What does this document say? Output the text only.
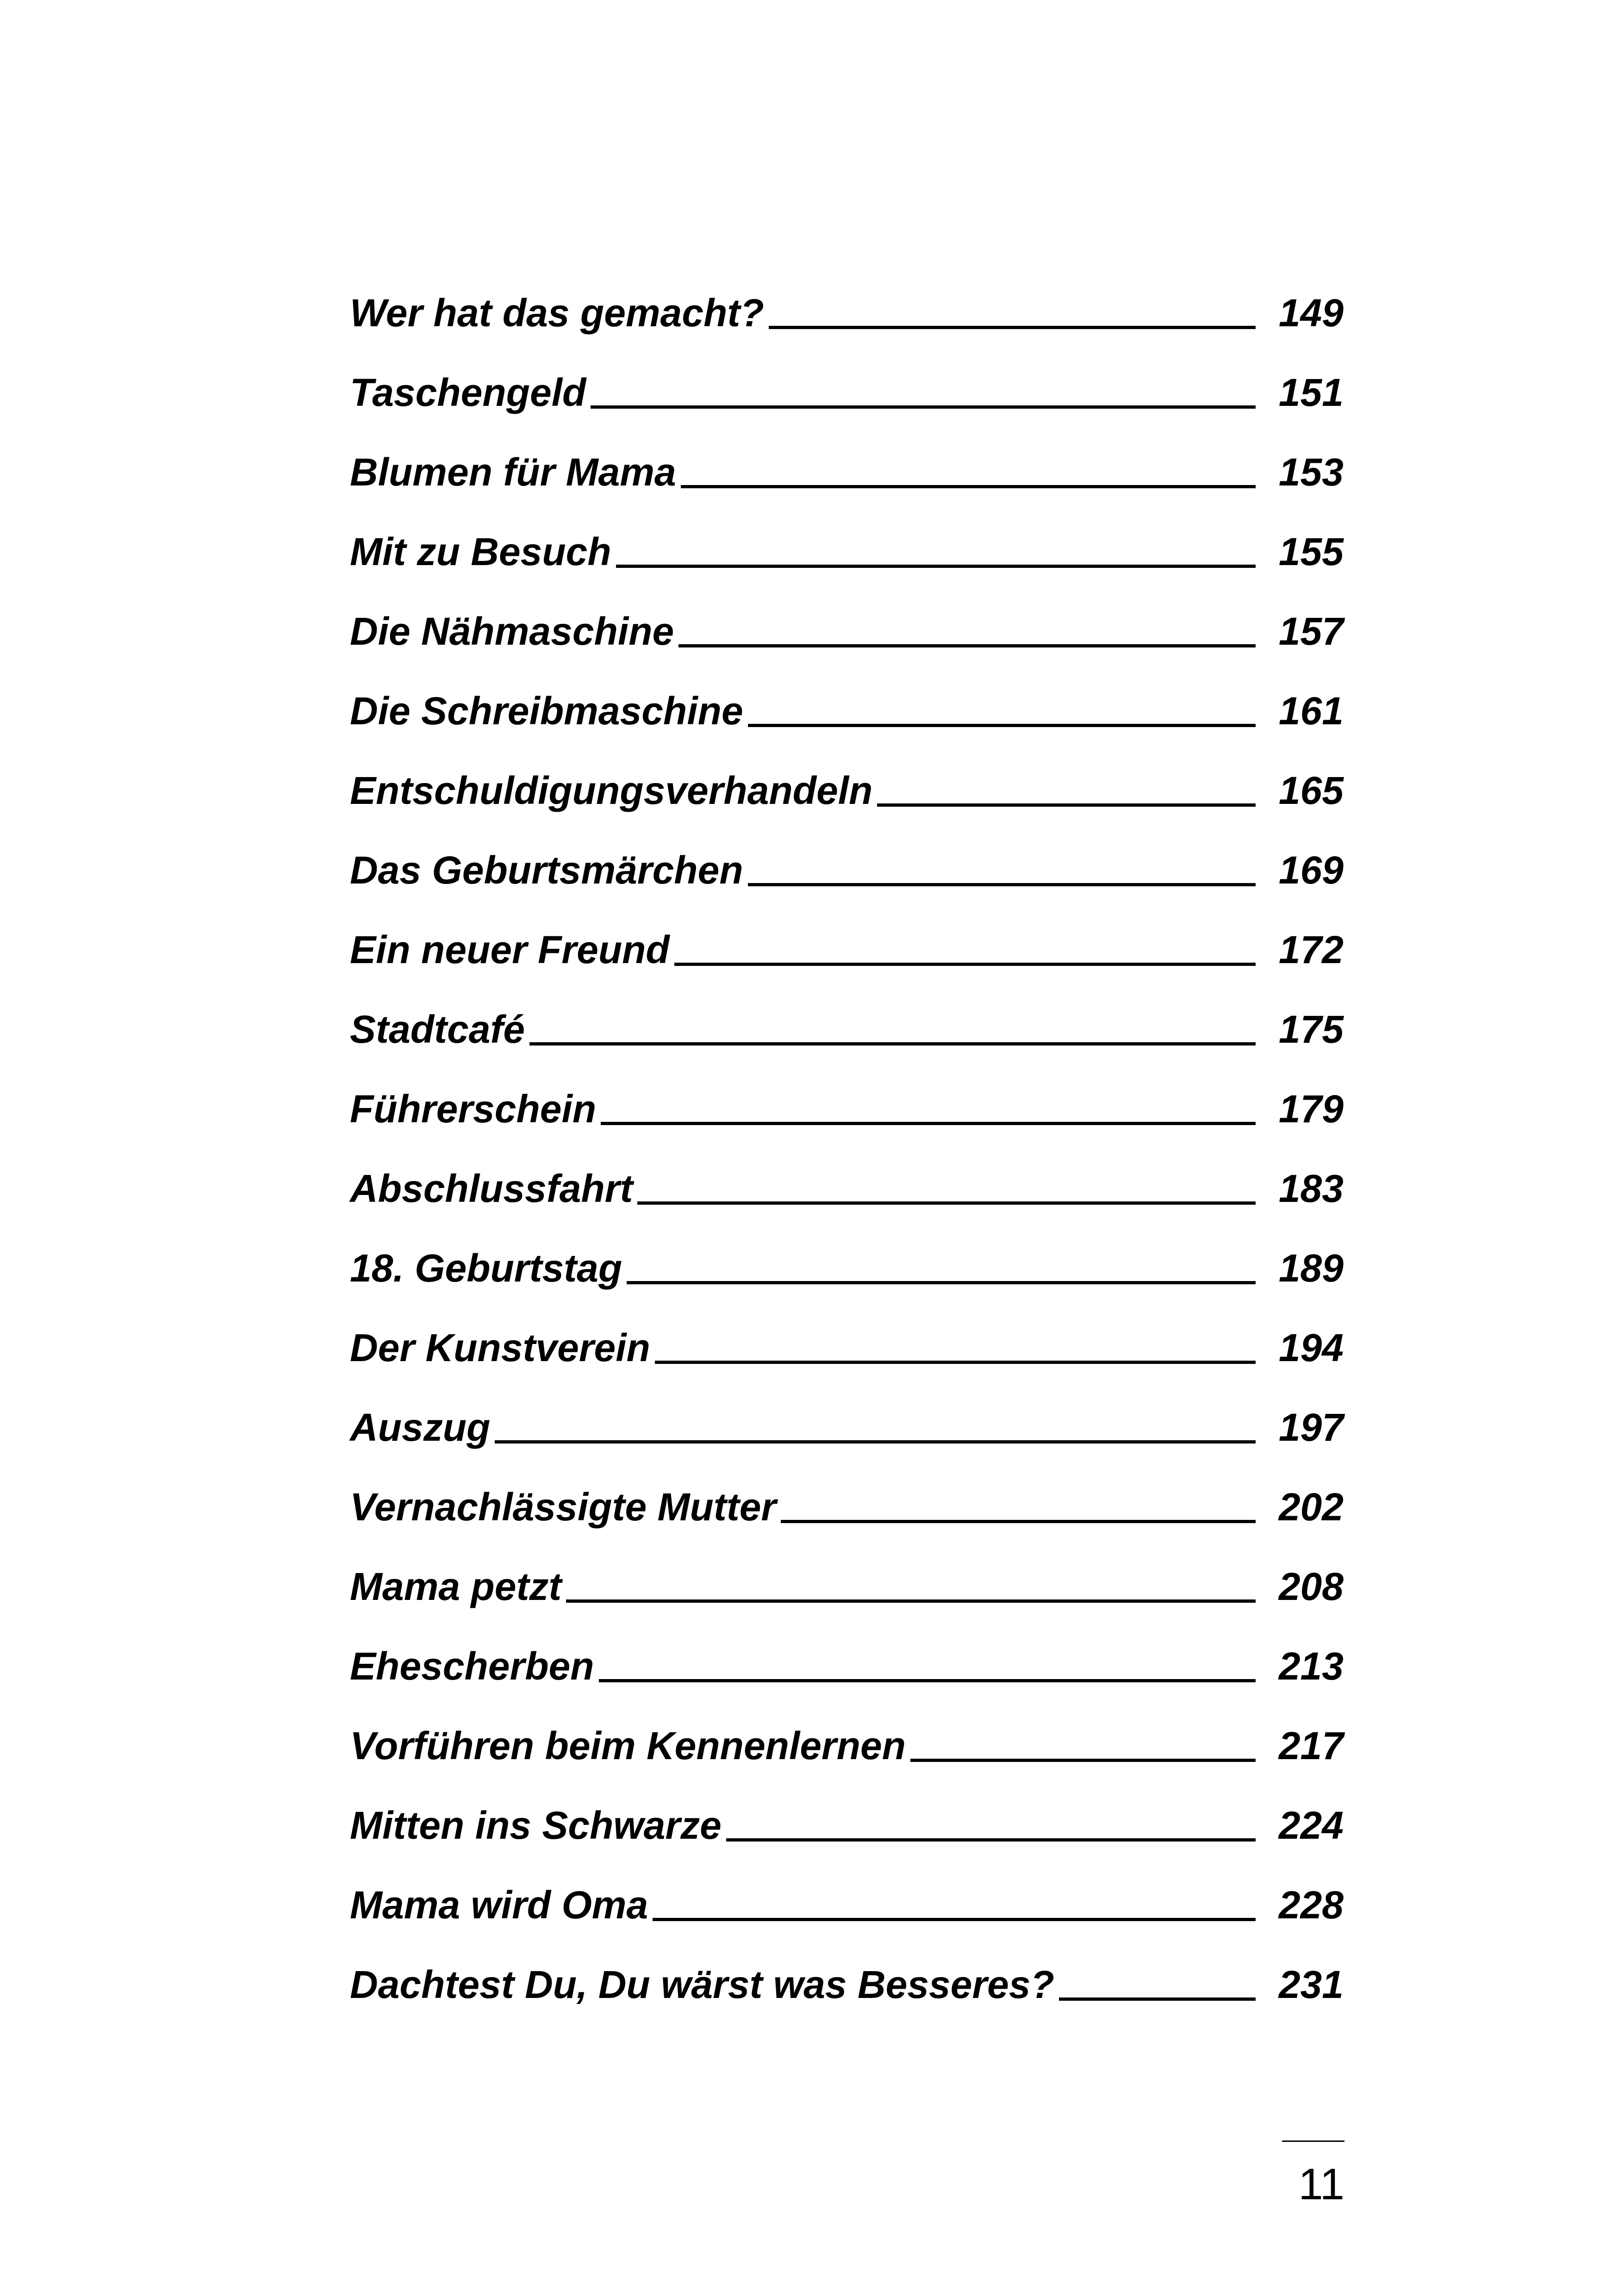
Wer hat das gemacht?	149
Taschengeld	151
Blumen für Mama	153
Mit zu Besuch	155
Die Nähmaschine	157
Die Schreibmaschine	161
Entschuldigungsverhandeln	165
Das Geburtsmärchen	169
Ein neuer Freund	172
Stadtcafé	175
Führerschein	179
Abschlussfahrt	183
18. Geburtstag	189
Der Kunstverein	194
Auszug	197
Vernachlässigte Mutter	202
Mama petzt	208
Ehescherben	213
Vorführen beim Kennenlernen	217
Mitten ins Schwarze	224
Mama wird Oma	228
Dachtest Du, Du wärst was Besseres?	231
11
